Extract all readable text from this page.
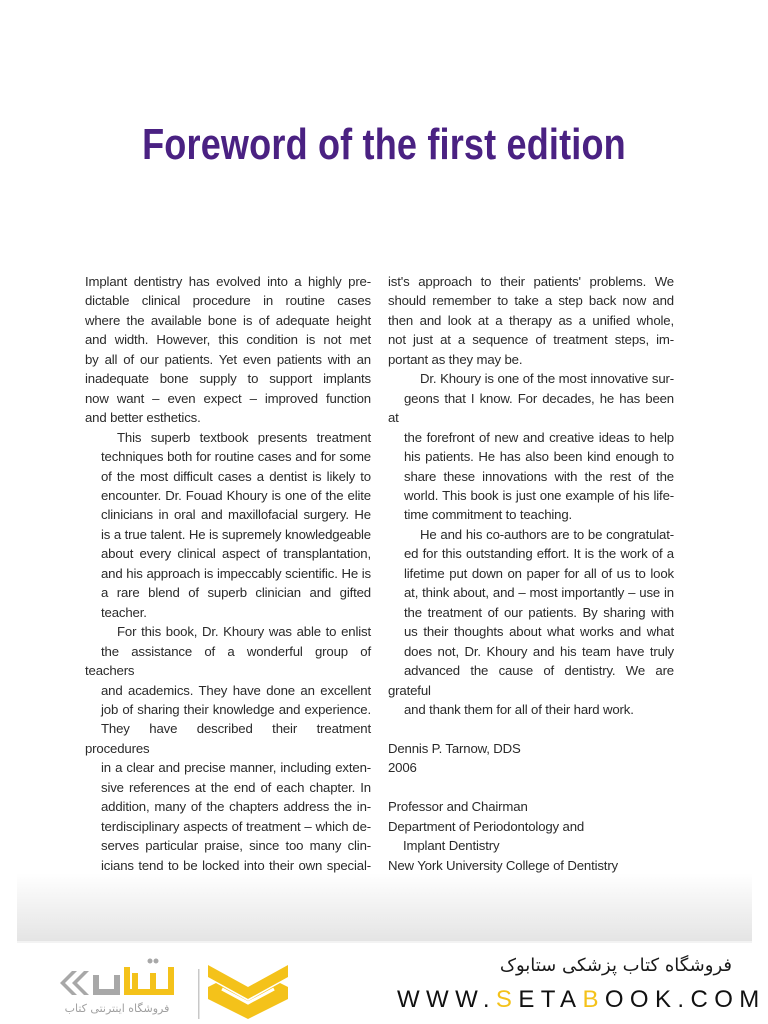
Foreword of the first edition

Implant dentistry has evolved into a highly pre-
dictable clinical procedure in routine cases
where the available bone is of adequate height
and width. However, this condition is not met
by all of our patients. Yet even patients with an
inadequate bone supply to support implants
now want – even expect – improved function
and better esthetics.

This superb textbook presents treatment
techniques both for routine cases and for some
of the most difficult cases a dentist is likely to
encounter. Dr. Fouad Khoury is one of the elite
clinicians in oral and maxillofacial surgery. He
is a true talent. He is supremely knowledgeable
about every clinical aspect of transplantation,
and his approach is impeccably scientific. He is
a rare blend of superb clinician and gifted
teacher.

For this book, Dr. Khoury was able to enlist
the assistance of a wonderful group of teachers
and academics. They have done an excellent
job of sharing their knowledge and experience.
They have described their treatment procedures
in a clear and precise manner, including exten-
sive references at the end of each chapter. In
addition, many of the chapters address the in-
terdisciplinary aspects of treatment – which de-
serves particular praise, since too many clin-
icians tend to be locked into their own special-

ist's approach to their patients' problems. We
should remember to take a step back now and
then and look at a therapy as a unified whole,
not just at a sequence of treatment steps, im-
portant as they may be.

Dr. Khoury is one of the most innovative sur-
geons that I know. For decades, he has been at
the forefront of new and creative ideas to help
his patients. He has also been kind enough to
share these innovations with the rest of the
world. This book is just one example of his life-
time commitment to teaching.

He and his co-authors are to be congratulat-
ed for this outstanding effort. It is the work of a
lifetime put down on paper for all of us to look
at, think about, and – most importantly – use in
the treatment of our patients. By sharing with
us their thoughts about what works and what
does not, Dr. Khoury and his team have truly
advanced the cause of dentistry. We are grateful
and thank them for all of their hard work.

Dennis P. Tarnow, DDS
2006
Professor and Chairman
Department of Periodontology and
Implant Dentistry
New York University College of Dentistry
فروشگاه اینترنتی کتاب
فروشگاه کتاب پزشکی ستابوک
WWW.SETABOOK.COM
